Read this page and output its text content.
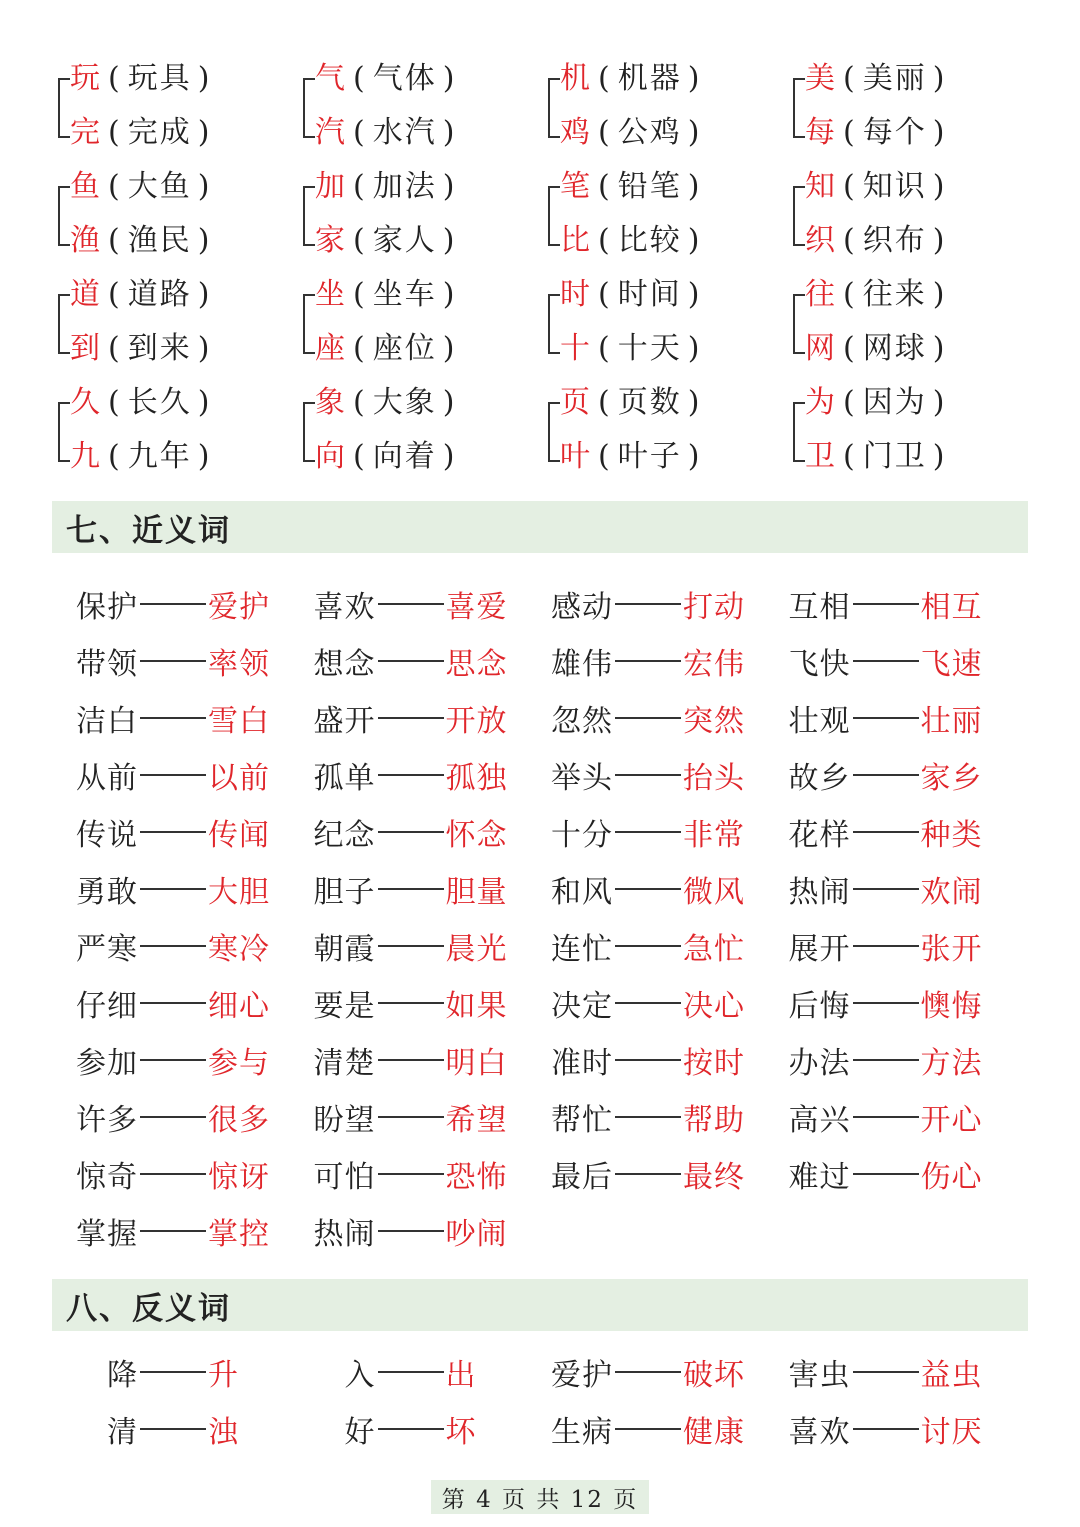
玩 ( 玩具 )
完 ( 完成 )
气 ( 气体 )
汽 ( 水汽 )
机 ( 机器 )
鸡 ( 公鸡 )
美 ( 美丽 )
每 ( 每个 )
鱼 ( 大鱼 )
渔 ( 渔民 )
加 ( 加法 )
家 ( 家人 )
笔 ( 铅笔 )
比 ( 比较 )
知 ( 知识 )
织 ( 织布 )
道 ( 道路 )
到 ( 到来 )
坐 ( 坐车 )
座 ( 座位 )
时 ( 时间 )
十 ( 十天 )
往 ( 往来 )
网 ( 网球 )
久 ( 长久 )
九 ( 九年 )
象 ( 大象 )
向 ( 向着 )
页 ( 页数 )
叶 ( 叶子 )
为 ( 因为 )
卫 ( 门卫 )
七、近义词
保护 爱护 喜欢 喜爱 感动 打动 互相 相互
带领 率领 想念 思念 雄伟 宏伟 飞快 飞速
洁白 雪白 盛开 开放 忽然 突然 壮观 壮丽
从前 以前 孤单 孤独 举头 抬头 故乡 家乡
传说 传闻 纪念 怀念 十分 非常 花样 种类
勇敢 大胆 胆子 胆量 和风 微风 热闹 欢闹
严寒 寒冷 朝霞 晨光 连忙 急忙 展开 张开
仔细 细心 要是 如果 决定 决心 后悔 懊悔
参加 参与 清楚 明白 准时 按时 办法 方法
许多 很多 盼望 希望 帮忙 帮助 高兴 开心
惊奇 惊讶 可怕 恐怖 最后 最终 难过 伤心
掌握 掌控 热闹 吵闹
八、反义词
降 升	入 出 爱护 破坏 害虫 益虫
清 浊	好 坏 生病 健康 喜欢 讨厌
第 4 页 共 12 页
